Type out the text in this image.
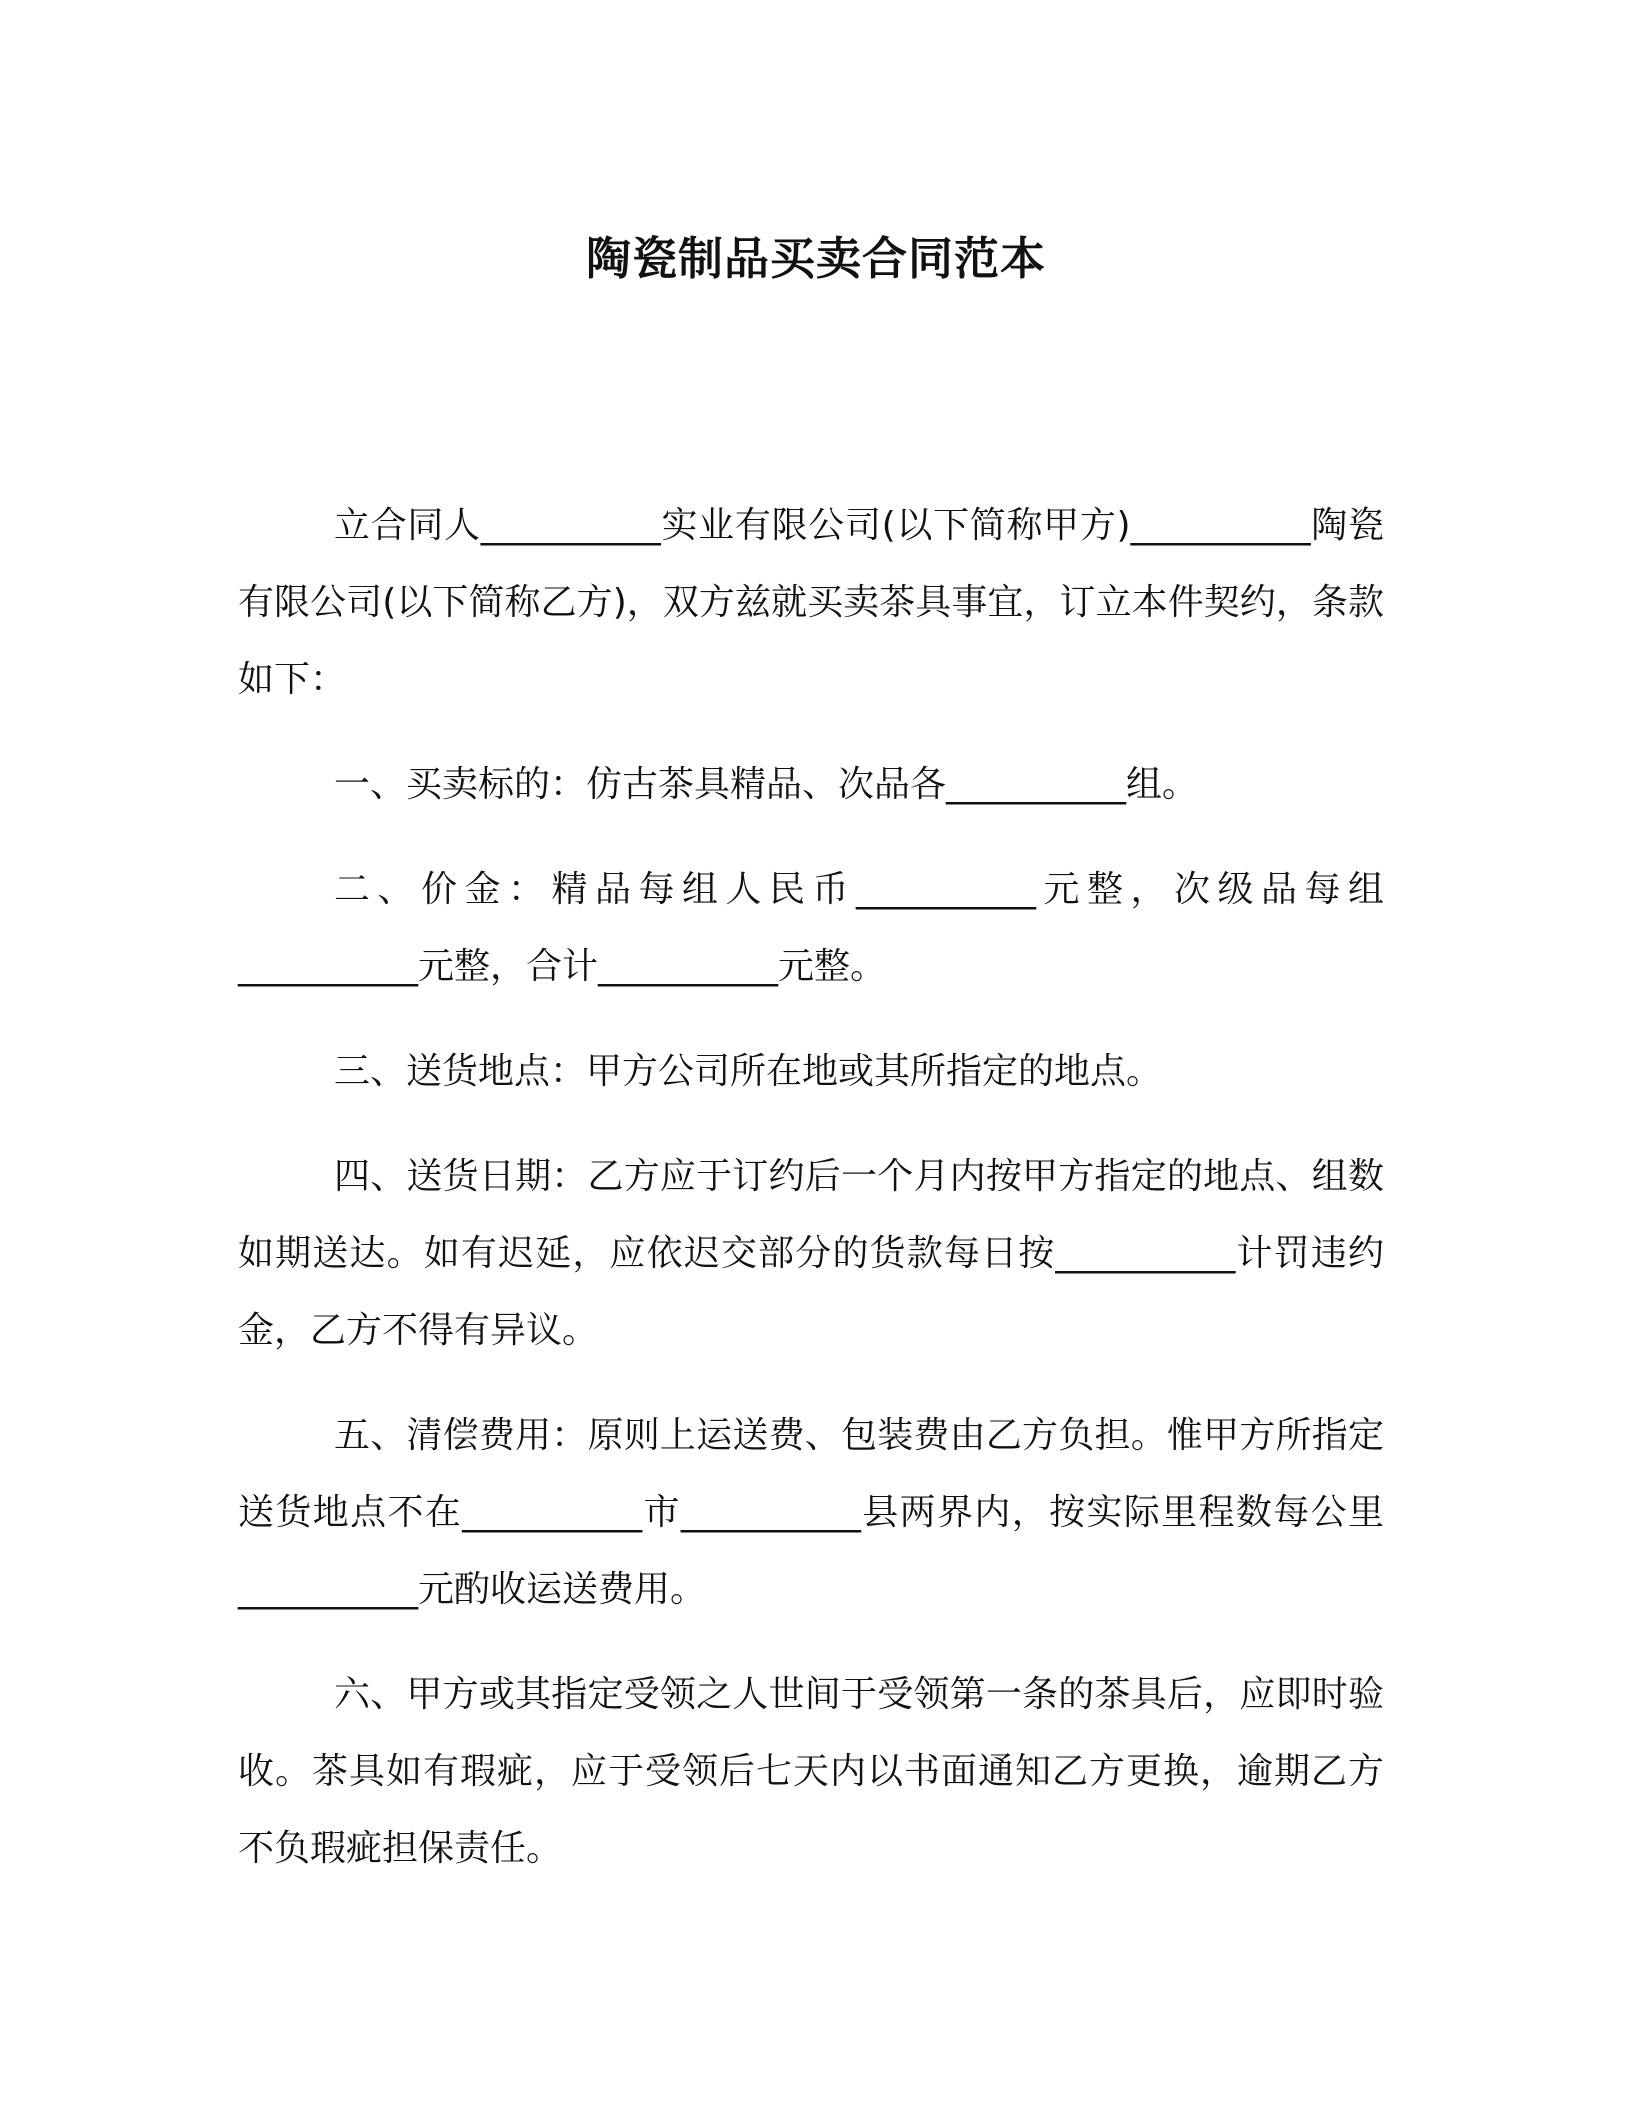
陶瓷制品买卖合同范本

立合同人__________实业有限公司(以下简称甲方)__________陶瓷有限公司(以下简称乙方)，双方兹就买卖茶具事宜，订立本件契约，条款如下：

一、买卖标的：仿古茶具精品、次品各__________组。

二、价金：精品每组人民币__________元整，次级品每组__________元整，合计__________元整。

三、送货地点：甲方公司所在地或其所指定的地点。

四、送货日期：乙方应于订约后一个月内按甲方指定的地点、组数如期送达。如有迟延，应依迟交部分的货款每日按__________计罚违约金，乙方不得有异议。

五、清偿费用：原则上运送费、包装费由乙方负担。惟甲方所指定送货地点不在__________市__________县两界内，按实际里程数每公里__________元酌收运送费用。

六、甲方或其指定受领之人世间于受领第一条的茶具后，应即时验收。茶具如有瑕疵，应于受领后七天内以书面通知乙方更换，逾期乙方不负瑕疵担保责任。
